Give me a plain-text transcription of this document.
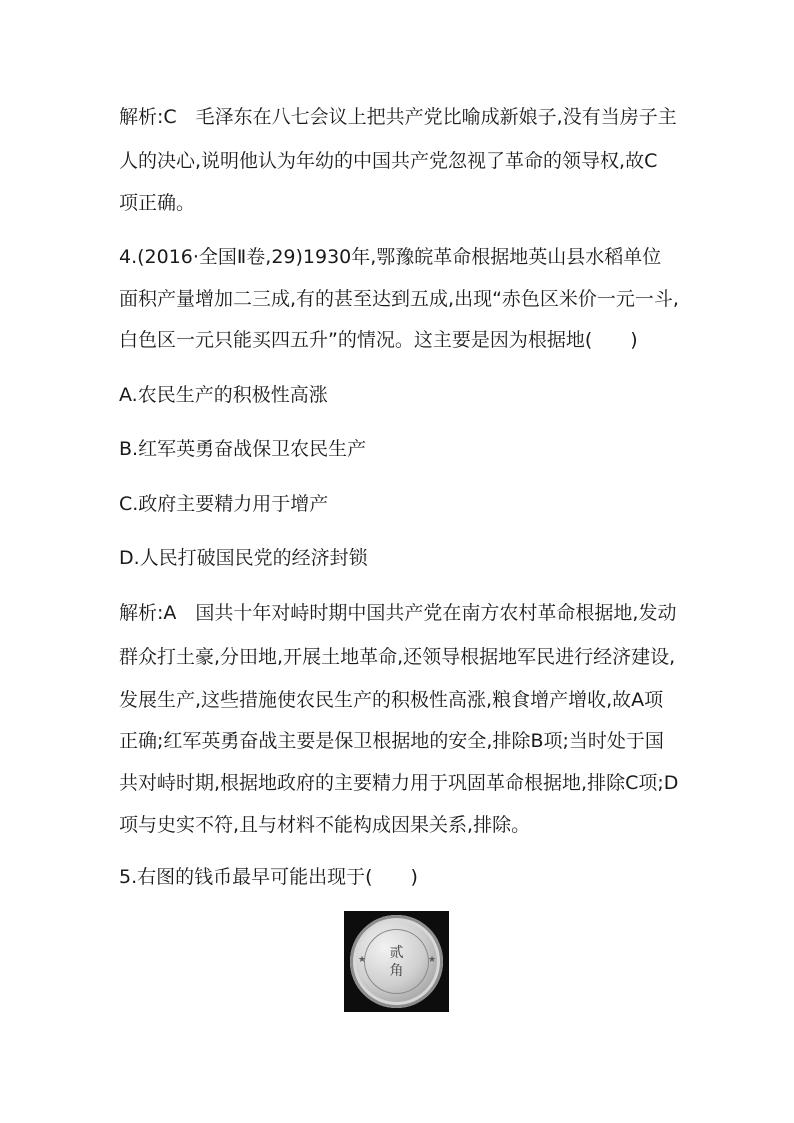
解析:C　毛泽东在八七会议上把共产党比喻成新娘子,没有当房子主

人的决心,说明他认为年幼的中国共产党忽视了革命的领导权,故C

项正确。

4.(2016·全国Ⅱ卷,29)1930年,鄂豫皖革命根据地英山县水稻单位

面积产量增加二三成,有的甚至达到五成,出现“赤色区米价一元一斗,

白色区一元只能买四五升”的情况。这主要是因为根据地(　　)

A.农民生产的积极性高涨

B.红军英勇奋战保卫农民生产

C.政府主要精力用于增产

D.人民打破国民党的经济封锁

解析:A　国共十年对峙时期中国共产党在南方农村革命根据地,发动

群众打土豪,分田地,开展土地革命,还领导根据地军民进行经济建设,

发展生产,这些措施使农民生产的积极性高涨,粮食增产增收,故A项

正确;红军英勇奋战主要是保卫根据地的安全,排除B项;当时处于国

共对峙时期,根据地政府的主要精力用于巩固革命根据地,排除C项;D

项与史实不符,且与材料不能构成因果关系,排除。

5.右图的钱币最早可能出现于(　　)

★	★
贰
角
